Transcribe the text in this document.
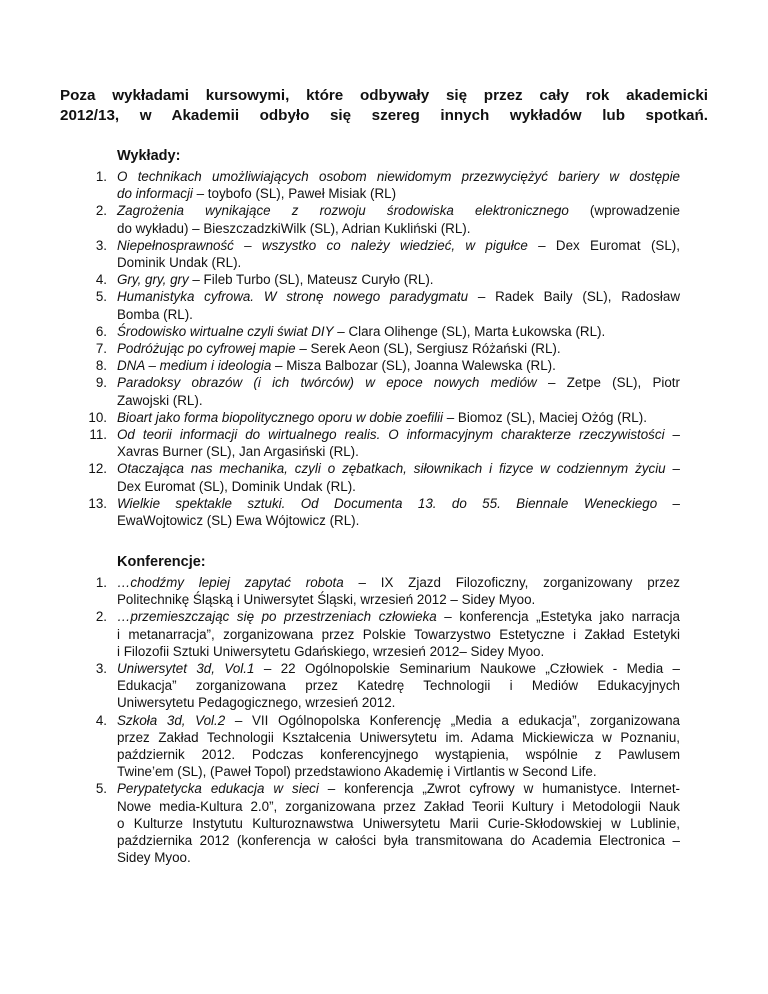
Poza wykładami kursowymi, które odbywały się przez cały rok akademicki
2012/13, w Akademii odbyło się szereg innych wykładów lub spotkań.
Wykłady:
1. O technikach umożliwiających osobom niewidomym przezwyciężyć bariery w dostępie
do informacji – toybofo (SL), Paweł Misiak (RL)
2. Zagrożenia wynikające z rozwoju środowiska elektronicznego (wprowadzenie
do wykładu) – BieszczadzkiWilk (SL), Adrian Kukliński (RL).
3. Niepełnosprawność – wszystko co należy wiedzieć, w pigułce – Dex Euromat (SL),
Dominik Undak (RL).
4. Gry, gry, gry – Fileb Turbo (SL), Mateusz Curyło (RL).
5. Humanistyka cyfrowa. W stronę nowego paradygmatu – Radek Baily (SL), Radosław
Bomba (RL).
6. Środowisko wirtualne czyli świat DIY – Clara Olihenge (SL), Marta Łukowska (RL).
7. Podróżując po cyfrowej mapie – Serek Aeon (SL), Sergiusz Różański (RL).
8. DNA – medium i ideologia – Misza Balbozar (SL), Joanna Walewska (RL).
9. Paradoksy obrazów (i ich twórców) w epoce nowych mediów – Zetpe (SL), Piotr
Zawojski (RL).
10. Bioart jako forma biopolitycznego oporu w dobie zoefilii – Biomoz (SL), Maciej Ożóg (RL).
11. Od teorii informacji do wirtualnego realis. O informacyjnym charakterze rzeczywistości –
Xavras Burner (SL), Jan Argasiński (RL).
12. Otaczająca nas mechanika, czyli o zębatkach, siłownikach i fizyce w codziennym życiu –
Dex Euromat (SL), Dominik Undak (RL).
13. Wielkie spektakle sztuki. Od Documenta 13. do 55. Biennale Weneckiego –
EwaWojtowicz (SL) Ewa Wójtowicz (RL).
Konferencje:
1. …chodźmy lepiej zapytać robota – IX Zjazd Filozoficzny, zorganizowany przez
Politechnikę Śląską i Uniwersytet Śląski, wrzesień 2012 – Sidey Myoo.
2. …przemieszczając się po przestrzeniach człowieka – konferencja „Estetyka jako narracja
i metanarracja”, zorganizowana przez Polskie Towarzystwo Estetyczne i Zakład Estetyki
i Filozofii Sztuki Uniwersytetu Gdańskiego, wrzesień 2012– Sidey Myoo.
3. Uniwersytet 3d, Vol.1 – 22 Ogólnopolskie Seminarium Naukowe „Człowiek - Media –
Edukacja” zorganizowana przez Katedrę Technologii i Mediów Edukacyjnych
Uniwersytetu Pedagogicznego, wrzesień 2012.
4. Szkoła 3d, Vol.2 – VII Ogólnopolska Konferencję „Media a edukacja”, zorganizowana
przez Zakład Technologii Kształcenia Uniwersytetu im. Adama Mickiewicza w Poznaniu,
październik 2012. Podczas konferencyjnego wystąpienia, wspólnie z Pawlusem
Twine’em (SL), (Paweł Topol) przedstawiono Akademię i Virtlantis w Second Life.
5. Perypatetycka edukacja w sieci – konferencja „Zwrot cyfrowy w humanistyce. Internet-
Nowe media-Kultura 2.0”, zorganizowana przez Zakład Teorii Kultury i Metodologii Nauk
o Kulturze Instytutu Kulturoznawstwa Uniwersytetu Marii Curie-Skłodowskiej w Lublinie,
października 2012 (konferencja w całości była transmitowana do Academia Electronica –
Sidey Myoo.
